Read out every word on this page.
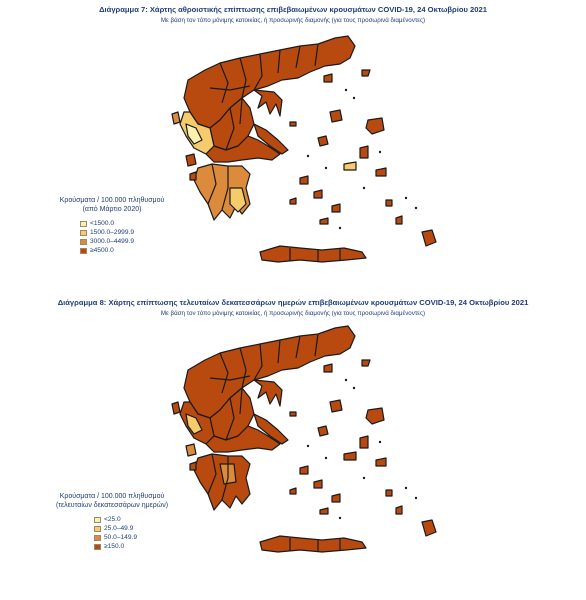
Διάγραμμα 7: Χάρτης αθροιστικής επίπτωσης επιβεβαιωμένων κρουσμάτων COVID-19, 24 Οκτωβρίου 2021
Με βάση τον τόπο μόνιμης κατοικίας, ή προσωρινής διαμονής (για τους προσωρινά διαμένοντες)
Κρούσματα / 100.000 πληθυσμού
(από Μάρτιο 2020)
<1500.0
1500.0–2999.9
3000.0–4499.9
≥4500.0
Διάγραμμα 8: Χάρτης επίπτωσης τελευταίων δεκατεσσάρων ημερών επιβεβαιωμένων κρουσμάτων COVID-19, 24 Οκτωβρίου 2021
Με βάση τον τόπο μόνιμης κατοικίας, ή προσωρινής διαμονής (για τους προσωρινά διαμένοντες)
Κρούσματα / 100.000 πληθυσμού
(τελευταίων δεκατεσσάρων ημερών)
<25.0
25.0–49.9
50.0–149.9
≥150.0
